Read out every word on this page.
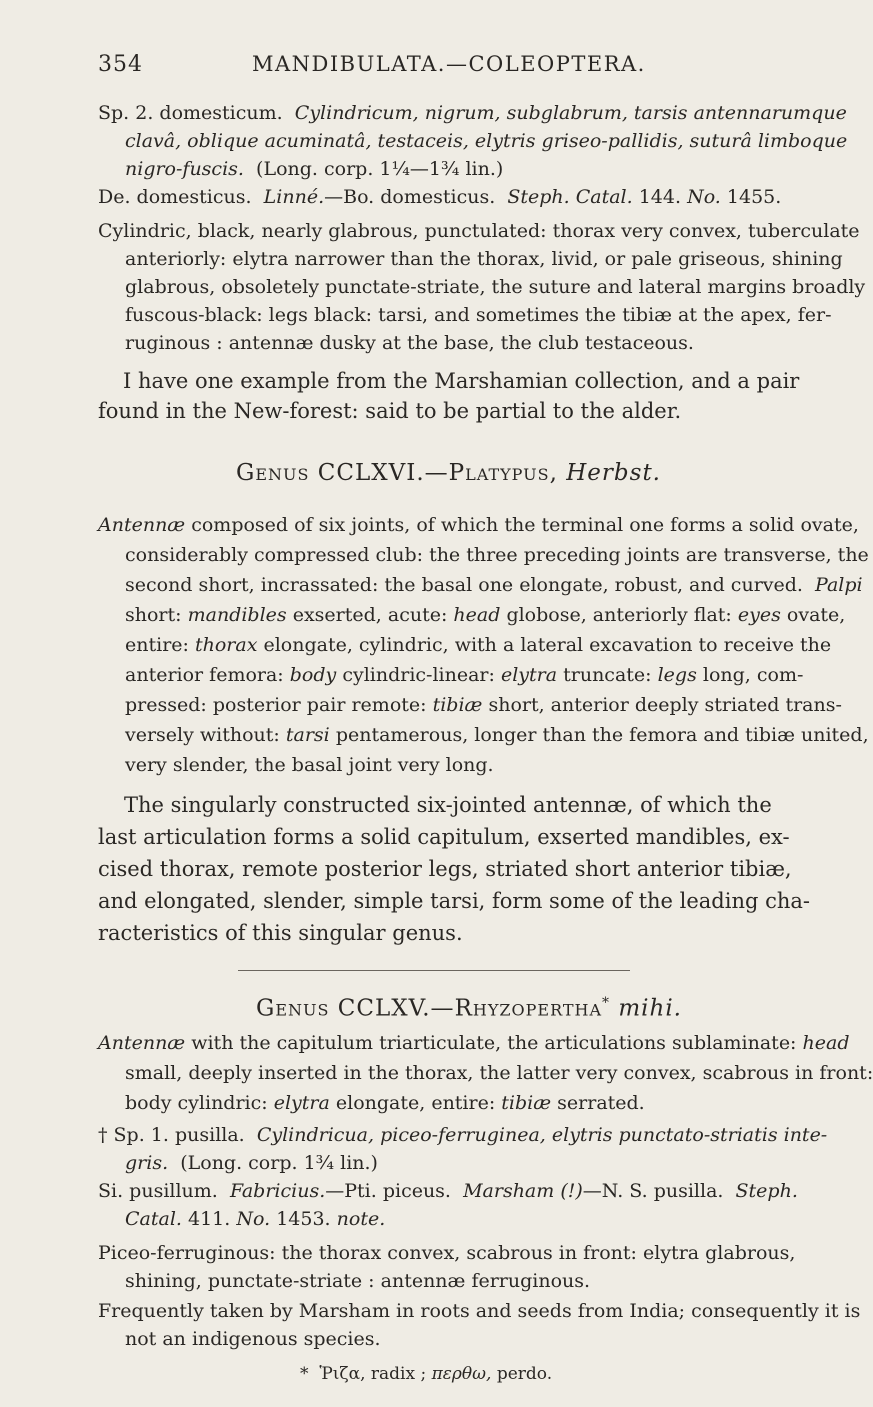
354	MANDIBULATA.—COLEOPTERA.
Sp. 2. domesticum. Cylindricum, nigrum, subglabrum, tarsis antennarumque
clavâ, oblique acuminatâ, testaceis, elytris griseo-pallidis, suturâ limboque
nigro-fuscis. (Long. corp. 1¼—1¾ lin.)
De. domesticus. Linné.—Bo. domesticus. Steph. Catal. 144. No. 1455.
Cylindric, black, nearly glabrous, punctulated: thorax very convex, tuberculate
anteriorly: elytra narrower than the thorax, livid, or pale griseous, shining
glabrous, obsoletely punctate-striate, the suture and lateral margins broadly
fuscous-black: legs black: tarsi, and sometimes the tibiæ at the apex, fer-
ruginous : antennæ dusky at the base, the club testaceous.
I have one example from the Marshamian collection, and a pair
found in the New-forest: said to be partial to the alder.
Genus CCLXVI.—Platypus, Herbst.
Antennæ composed of six joints, of which the terminal one forms a solid ovate,
considerably compressed club: the three preceding joints are transverse, the
second short, incrassated: the basal one elongate, robust, and curved. Palpi
short: mandibles exserted, acute: head globose, anteriorly flat: eyes ovate,
entire: thorax elongate, cylindric, with a lateral excavation to receive the
anterior femora: body cylindric-linear: elytra truncate: legs long, com-
pressed: posterior pair remote: tibiæ short, anterior deeply striated trans-
versely without: tarsi pentamerous, longer than the femora and tibiæ united,
very slender, the basal joint very long.
The singularly constructed six-jointed antennæ, of which the
last articulation forms a solid capitulum, exserted mandibles, ex-
cised thorax, remote posterior legs, striated short anterior tibiæ,
and elongated, slender, simple tarsi, form some of the leading cha-
racteristics of this singular genus.
Genus CCLXV.—Rhyzopertha* mihi.
Antennæ with the capitulum triarticulate, the articulations sublaminate: head
small, deeply inserted in the thorax, the latter very convex, scabrous in front:
body cylindric: elytra elongate, entire: tibiæ serrated.
† Sp. 1. pusilla. Cylindricua, piceo-ferruginea, elytris punctato-striatis inte-
gris. (Long. corp. 1¾ lin.)
Si. pusillum. Fabricius.—Pti. piceus. Marsham (!)—N. S. pusilla. Steph.
Catal. 411. No. 1453. note.
Piceo-ferruginous: the thorax convex, scabrous in front: elytra glabrous,
shining, punctate-striate : antennæ ferruginous.
Frequently taken by Marsham in roots and seeds from India; consequently it is
not an indigenous species.
* Ῥιζα, radix ; περθω, perdo.
